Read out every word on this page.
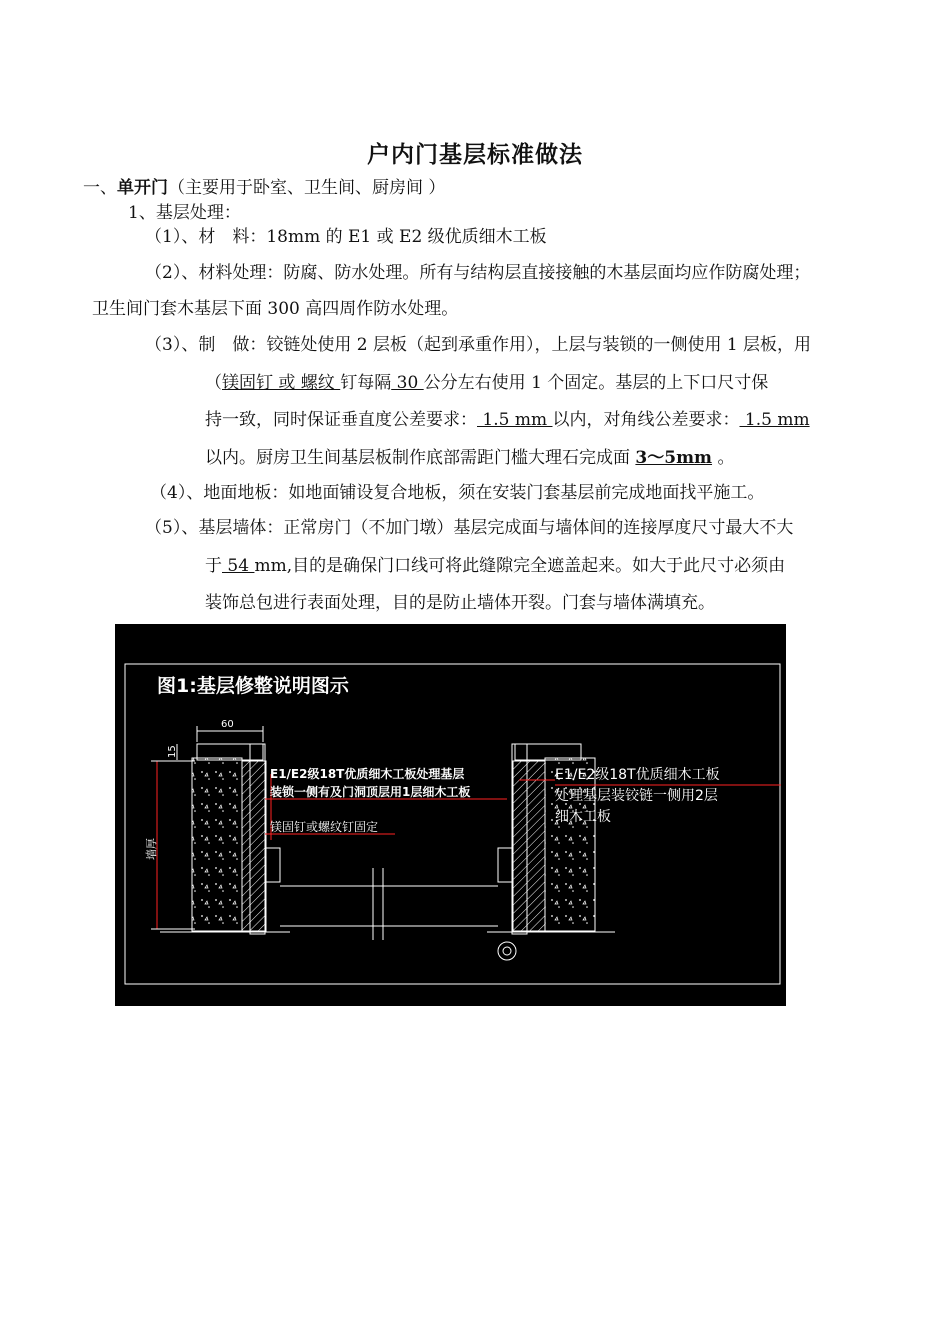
户内门基层标准做法
一、单开门（主要用于卧室、卫生间、厨房间 ）
1、基层处理：
（1）、材　料：18mm 的 E1 或 E2 级优质细木工板
（2）、材料处理：防腐、防水处理。所有与结构层直接接触的木基层面均应作防腐处理；
卫生间门套木基层下面 300 高四周作防水处理。
（3）、制　做：铰链处使用 2 层板（起到承重作用），上层与装锁的一侧使用 1 层板，用
（镁固钉 或 螺纹 钉每隔 30 公分左右使用 1 个固定。基层的上下口尺寸保
持一致，同时保证垂直度公差要求： 1.5 mm 以内，对角线公差要求： 1.5 mm
以内。厨房卫生间基层板制作底部需距门槛大理石完成面 3～5mm 。
（4）、地面地板：如地面铺设复合地板，须在安装门套基层前完成地面找平施工。
（5）、基层墙体：正常房门（不加门墩）基层完成面与墙体间的连接厚度尺寸最大不大
于 54 mm,目的是确保门口线可将此缝隙完全遮盖起来。如大于此尺寸必须由
装饰总包进行表面处理，目的是防止墙体开裂。门套与墙体满填充。
图1:基层修整说明图示
60
15
墙厚
E1/E2级18T优质细木工板处理基层
装锁一侧有及门洞顶层用1层细木工板
镁固钉或螺纹钉固定
E1/E2级18T优质细木工板
处理基层装铰链一侧用2层
细木工板
